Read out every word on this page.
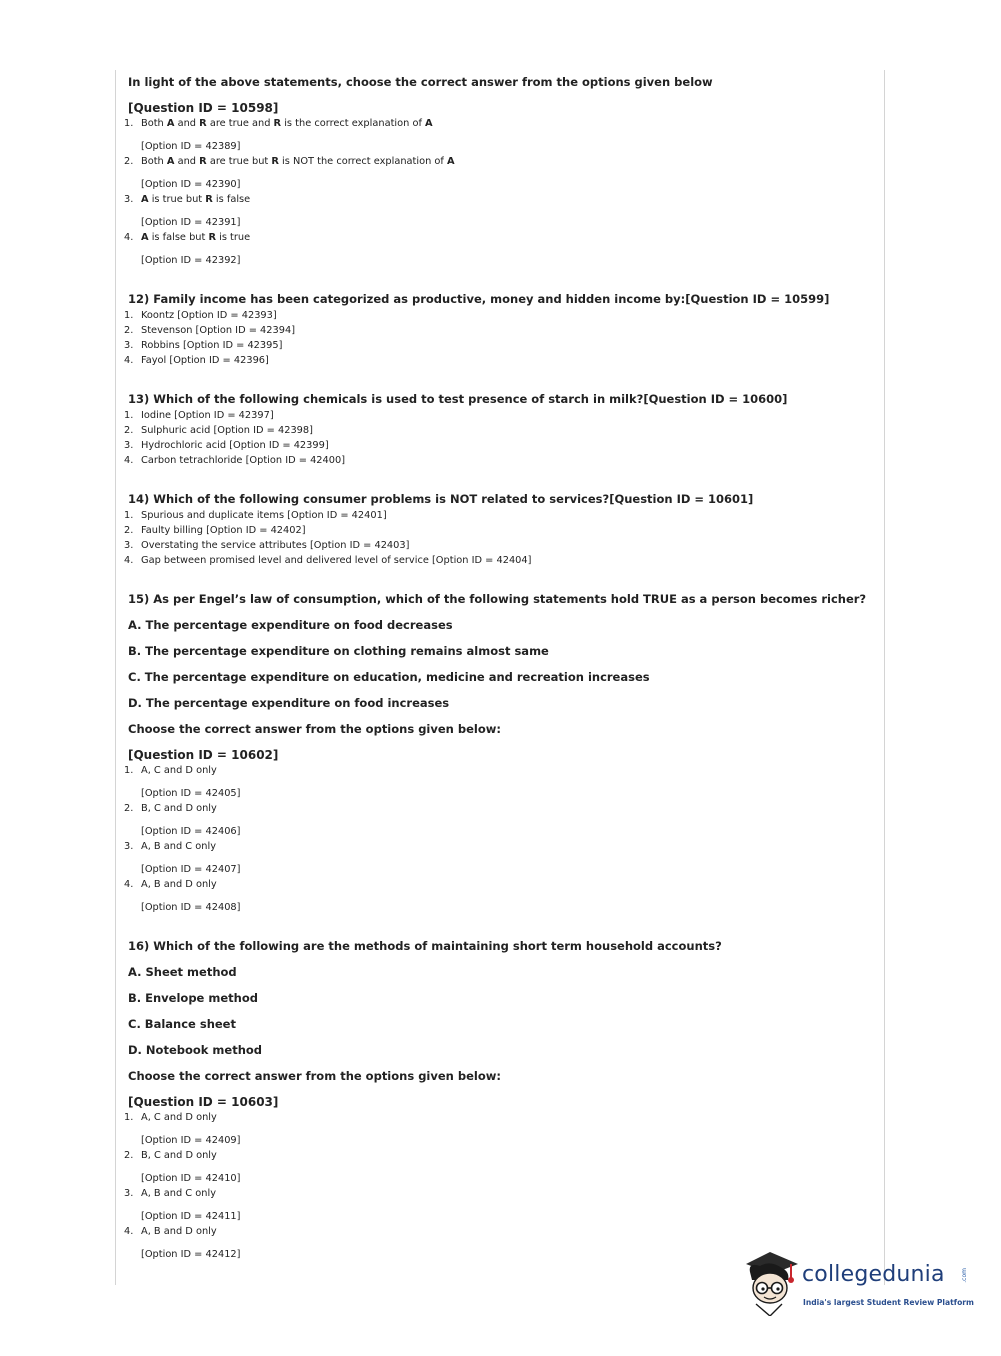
In light of the above statements, choose the correct answer from the options given below
[Question ID = 10598]
1. Both A and R are true and R is the correct explanation of A
[Option ID = 42389]
2. Both A and R are true but R is NOT the correct explanation of A
[Option ID = 42390]
3. A is true but R is false
[Option ID = 42391]
4. A is false but R is true
[Option ID = 42392]
12) Family income has been categorized as productive, money and hidden income by:[Question ID = 10599]
1. Koontz [Option ID = 42393]
2. Stevenson [Option ID = 42394]
3. Robbins [Option ID = 42395]
4. Fayol [Option ID = 42396]
13) Which of the following chemicals is used to test presence of starch in milk?[Question ID = 10600]
1. Iodine [Option ID = 42397]
2. Sulphuric acid [Option ID = 42398]
3. Hydrochloric acid [Option ID = 42399]
4. Carbon tetrachloride [Option ID = 42400]
14) Which of the following consumer problems is NOT related to services?[Question ID = 10601]
1. Spurious and duplicate items [Option ID = 42401]
2. Faulty billing [Option ID = 42402]
3. Overstating the service attributes [Option ID = 42403]
4. Gap between promised level and delivered level of service [Option ID = 42404]
15) As per Engel’s law of consumption, which of the following statements hold TRUE as a person becomes richer?
A. The percentage expenditure on food decreases
B. The percentage expenditure on clothing remains almost same
C. The percentage expenditure on education, medicine and recreation increases
D. The percentage expenditure on food increases
Choose the correct answer from the options given below:
[Question ID = 10602]
1. A, C and D only
[Option ID = 42405]
2. B, C and D only
[Option ID = 42406]
3. A, B and C only
[Option ID = 42407]
4. A, B and D only
[Option ID = 42408]
16) Which of the following are the methods of maintaining short term household accounts?
A. Sheet method
B. Envelope method
C. Balance sheet
D. Notebook method
Choose the correct answer from the options given below:
[Question ID = 10603]
1. A, C and D only
[Option ID = 42409]
2. B, C and D only
[Option ID = 42410]
3. A, B and C only
[Option ID = 42411]
4. A, B and D only
[Option ID = 42412]
collegedunia	.com
India's largest Student Review Platform
